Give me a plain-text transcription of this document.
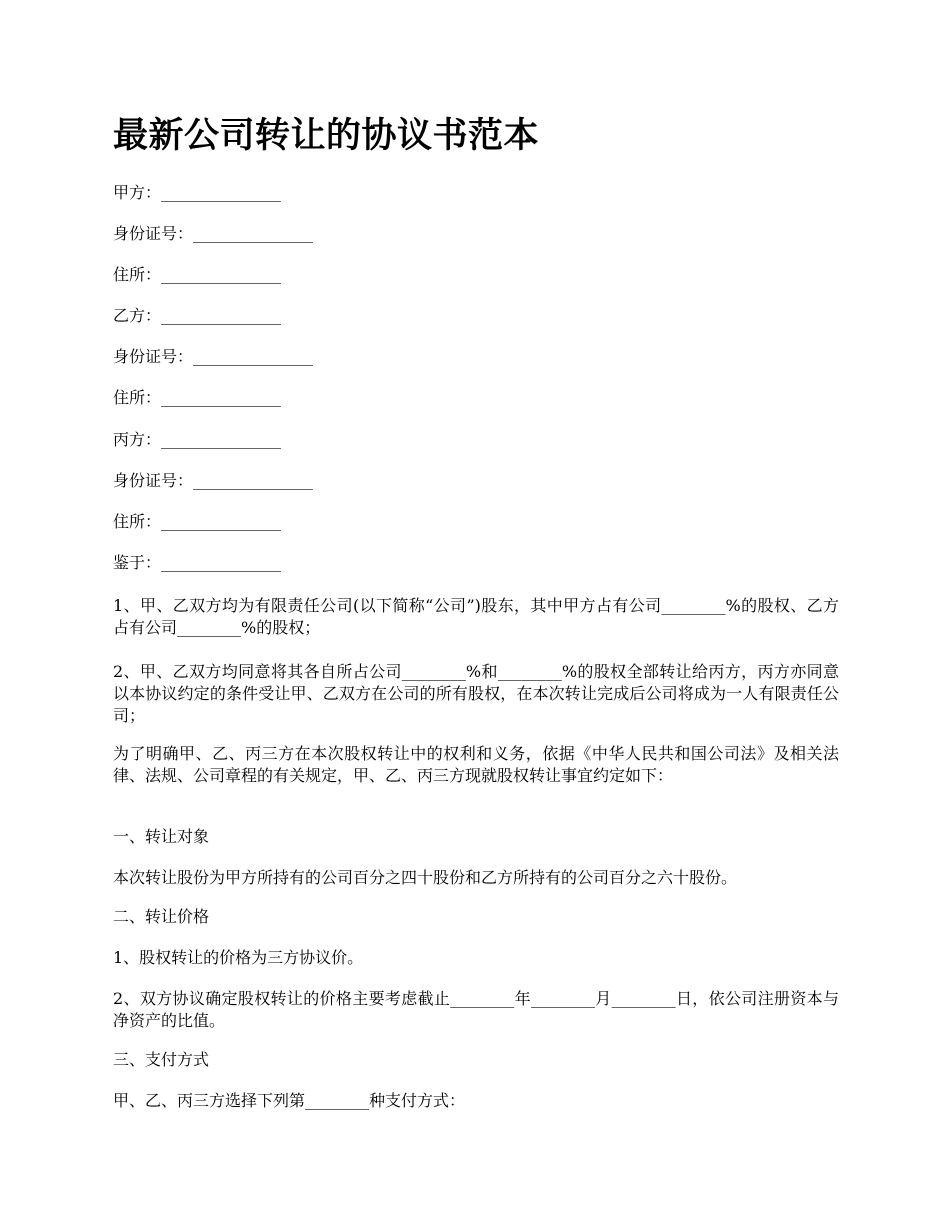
最新公司转让的协议书范本

甲方：_______________

身份证号：_______________

住所：_______________

乙方：_______________

身份证号：_______________

住所：_______________

丙方：_______________

身份证号：_______________

住所：_______________

鉴于：_______________

1、甲、乙双方均为有限责任公司(以下简称“公司”)股东，其中甲方占有公司________%的股权、乙方占有公司________%的股权；

2、甲、乙双方均同意将其各自所占公司________%和________%的股权全部转让给丙方，丙方亦同意以本协议约定的条件受让甲、乙双方在公司的所有股权，在本次转让完成后公司将成为一人有限责任公司；

为了明确甲、乙、丙三方在本次股权转让中的权利和义务，依据《中华人民共和国公司法》及相关法律、法规、公司章程的有关规定，甲、乙、丙三方现就股权转让事宜约定如下：

一、转让对象

本次转让股份为甲方所持有的公司百分之四十股份和乙方所持有的公司百分之六十股份。

二、转让价格

1、股权转让的价格为三方协议价。

2、双方协议确定股权转让的价格主要考虑截止________年________月________日，依公司注册资本与净资产的比值。

三、支付方式

甲、乙、丙三方选择下列第________种支付方式：
